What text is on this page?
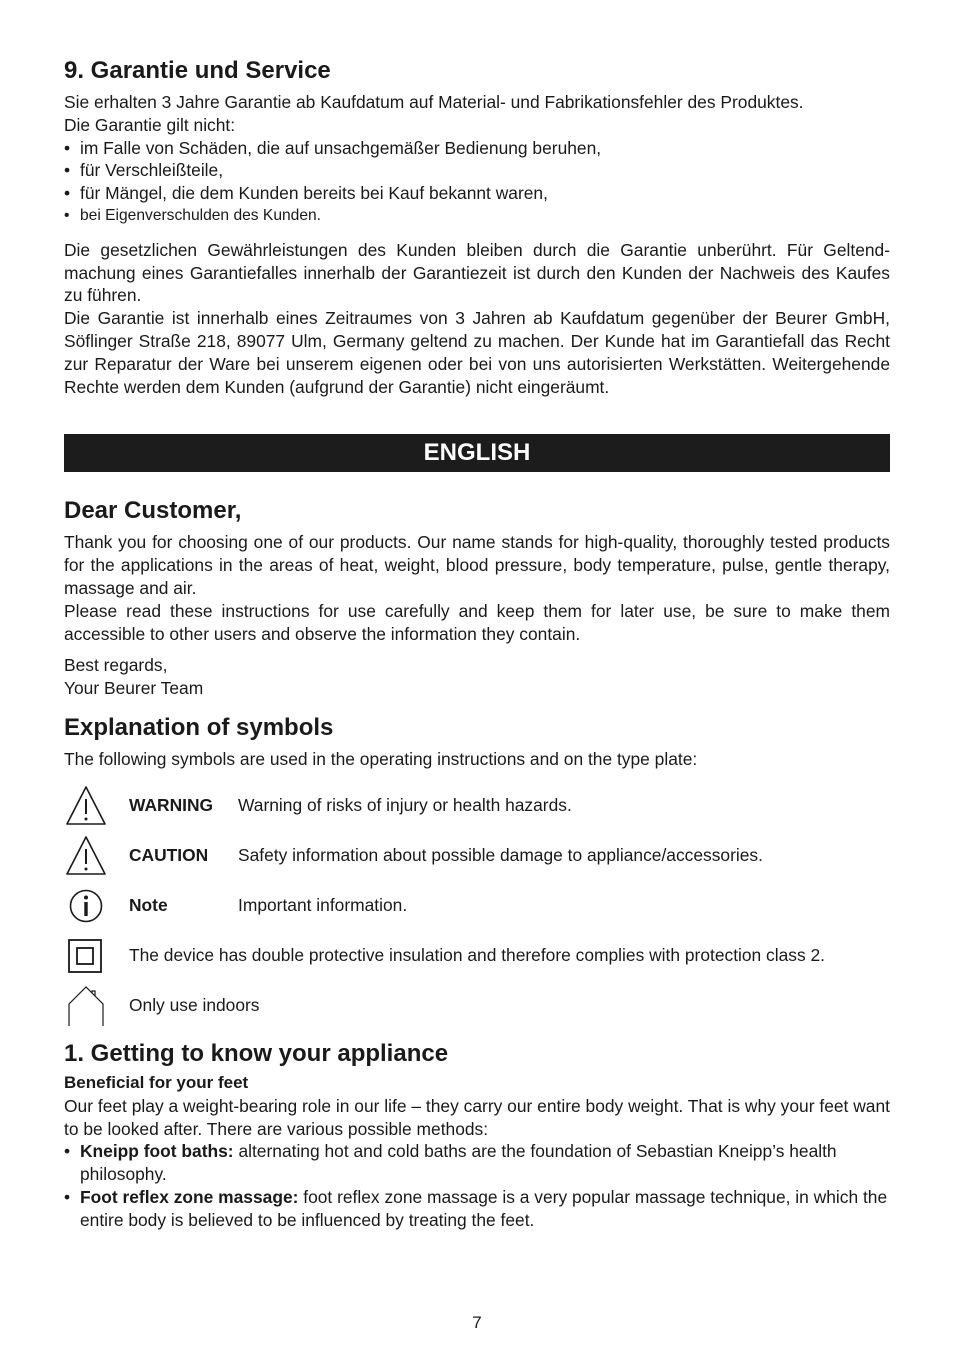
9. Garantie und Service

Sie erhalten 3 Jahre Garantie ab Kaufdatum auf Material- und Fabrikationsfehler des Produktes.

Die Garantie gilt nicht:

• im Falle von Schäden, die auf unsachgemäßer Bedienung beruhen,
• für Verschleißteile,
• für Mängel, die dem Kunden bereits bei Kauf bekannt waren,
• bei Eigenverschulden des Kunden.

Die gesetzlichen Gewährleistungen des Kunden bleiben durch die Garantie unberührt. Für Geltend-machung eines Garantiefalles innerhalb der Garantiezeit ist durch den Kunden der Nachweis des Kaufes zu führen.

Die Garantie ist innerhalb eines Zeitraumes von 3 Jahren ab Kaufdatum gegenüber der Beurer GmbH, Söflinger Straße 218, 89077 Ulm, Germany geltend zu machen. Der Kunde hat im Garantiefall das Recht zur Reparatur der Ware bei unserem eigenen oder bei von uns autorisierten Werkstätten. Weitergehende Rechte werden dem Kunden (aufgrund der Garantie) nicht eingeräumt.

ENGLISH
Dear Customer,

Thank you for choosing one of our products. Our name stands for high-quality, thoroughly tested products for the applications in the areas of heat, weight, blood pressure, body temperature, pulse, gentle therapy, massage and air.

Please read these instructions for use carefully and keep them for later use, be sure to make them accessible to other users and observe the information they contain.

Best regards,

Your Beurer Team

Explanation of symbols

The following symbols are used in the operating instructions and on the type plate:

WARNING	Warning of risks of injury or health hazards.
CAUTION	Safety information about possible damage to appliance/accessories.
Note	Important information.
The device has double protective insulation and therefore complies with protection class 2.
Only use indoors
1. Getting to know your appliance
Beneficial for your feet

Our feet play a weight-bearing role in our life – they carry our entire body weight. That is why your feet want to be looked after. There are various possible methods:

• Kneipp foot baths: alternating hot and cold baths are the foundation of Sebastian Kneipp’s health philosophy.
• Foot reflex zone massage: foot reflex zone massage is a very popular massage technique, in which the entire body is believed to be influenced by treating the feet.
7
